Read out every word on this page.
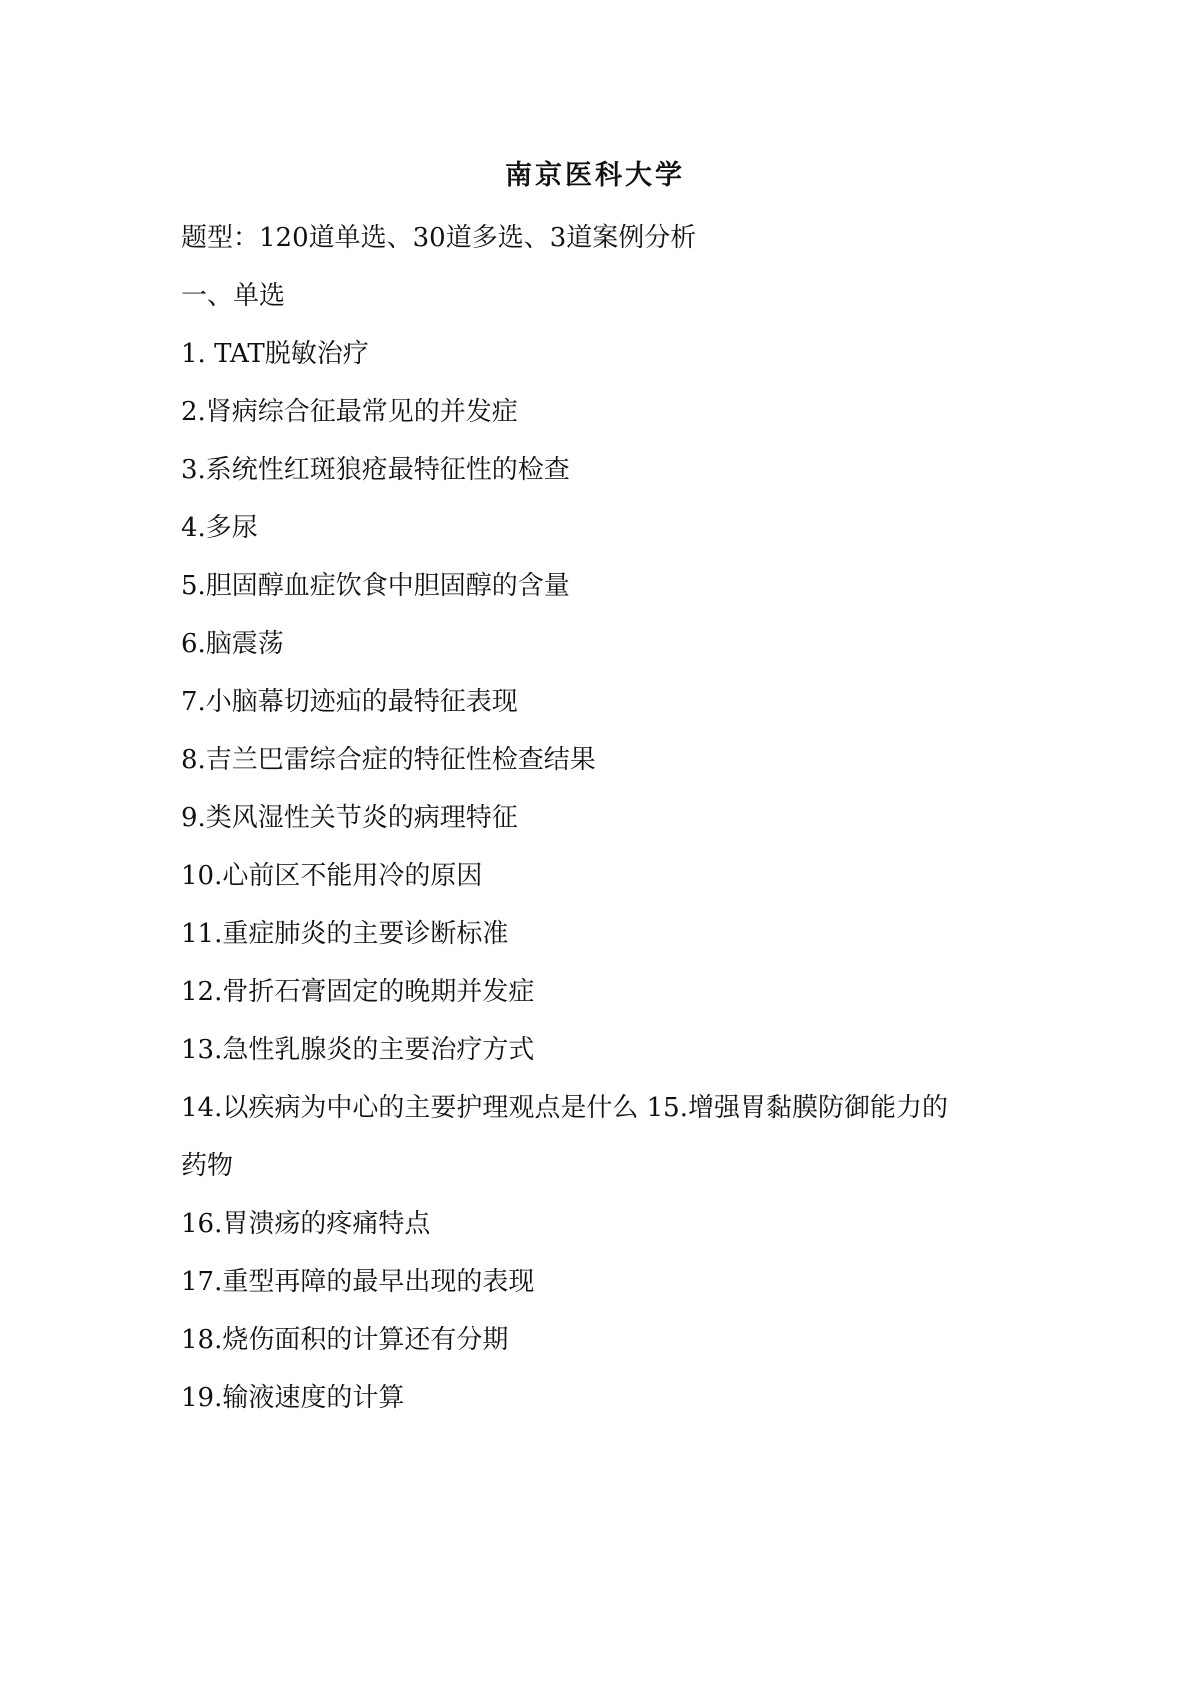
南京医科大学
题型：120道单选、30道多选、3道案例分析
一、单选
1. TAT脱敏治疗
2.肾病综合征最常见的并发症
3.系统性红斑狼疮最特征性的检查
4.多尿
5.胆固醇血症饮食中胆固醇的含量
6.脑震荡
7.小脑幕切迹疝的最特征表现
8.吉兰巴雷综合症的特征性检查结果
9.类风湿性关节炎的病理特征
10.心前区不能用冷的原因
11.重症肺炎的主要诊断标准
12.骨折石膏固定的晚期并发症
13.急性乳腺炎的主要治疗方式
14.以疾病为中心的主要护理观点是什么 15.增强胃黏膜防御能力的
药物
16.胃溃疡的疼痛特点
17.重型再障的最早出现的表现
18.烧伤面积的计算还有分期
19.输液速度的计算
